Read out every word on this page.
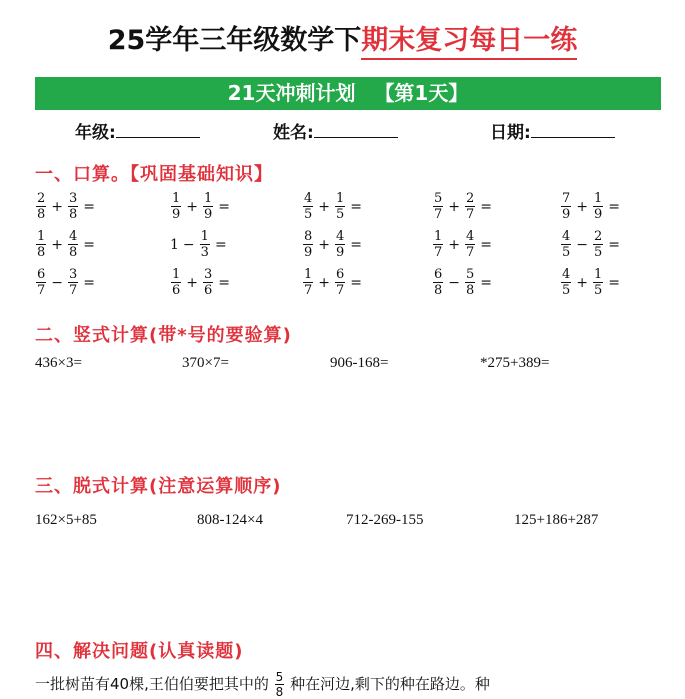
25学年三年级数学下期末复习每日一练
21天冲刺计划 【第1天】
年级:	姓名:	日期:
一、口算。【巩固基础知识】
$\frac{2}{8} + \frac{3}{8}$ =	$\frac{1}{9} + \frac{1}{9}$ =	$\frac{4}{5} + \frac{1}{5}$ =	$\frac{5}{7} + \frac{2}{7}$ =	$\frac{7}{9} + \frac{1}{9}$ =
$\frac{1}{8} + \frac{4}{8}$ =	$1 - \frac{1}{3}$ =	$\frac{8}{9} + \frac{4}{9}$ =	$\frac{1}{7} + \frac{4}{7}$ =	$\frac{4}{5} - \frac{2}{5}$ =
$\frac{6}{7} - \frac{3}{7}$ =	$\frac{1}{6} + \frac{3}{6}$ =	$\frac{1}{7} + \frac{6}{7}$ =	$\frac{6}{8} - \frac{5}{8}$ =	$\frac{4}{5} + \frac{1}{5}$ =
二、竖式计算(带*号的要验算)
436×3=	370×7=	906-168=	*275+389=
三、脱式计算(注意运算顺序)
162×5+85	808-124×4	712-269-155	125+186+287
四、解决问题(认真读题)
一批树苗有40棵,王伯伯要把其中的 $\frac{5}{8}$ 种在河边,剩下的种在路边。种
